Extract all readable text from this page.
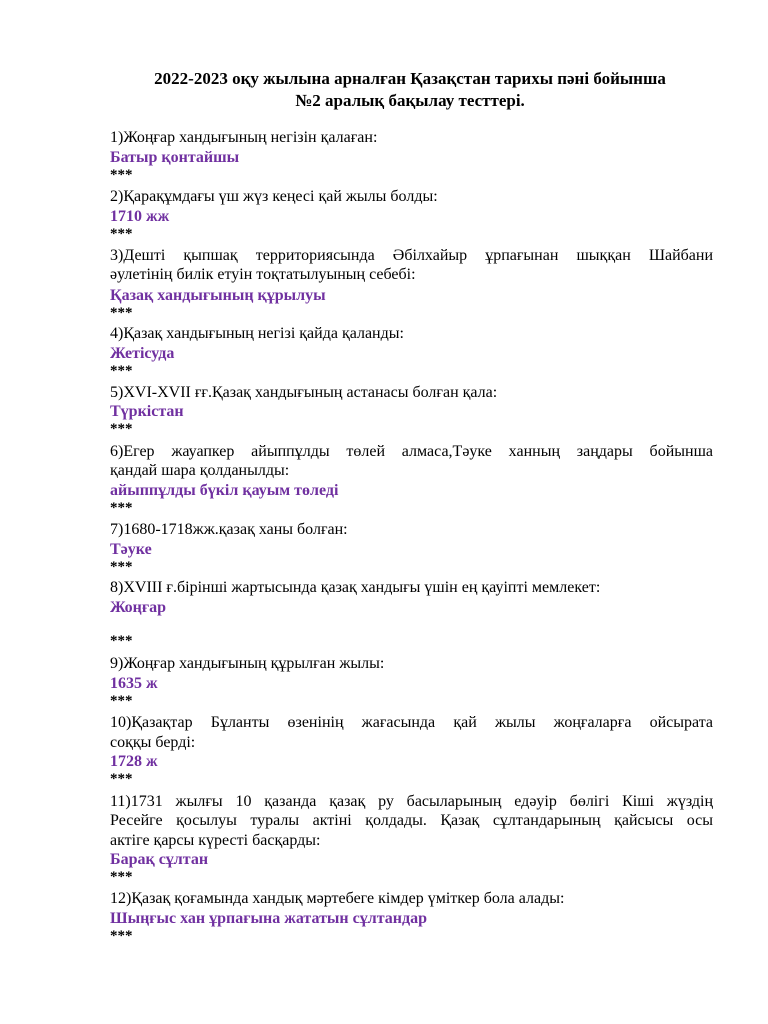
2022-2023 оқу жылына арналған Қазақстан тарихы пәні бойынша

№2 аралық бақылау тесттері.

1)Жоңғар хандығының негізін қалаған:

Батыр қонтайшы

***

2)Қарақұмдағы үш жүз кеңесі қай жылы болды:

1710 жж

***

3)Дешті қыпшақ территориясында Әбілхайыр ұрпағынан шыққан Шайбани

әулетінің билік етуін тоқтатылуының себебі:

Қазақ хандығының құрылуы

***

4)Қазақ хандығының негізі қайда қаланды:

Жетісуда

***

5)XVI-XVII ғғ.Қазақ хандығының астанасы болған қала:

Түркістан

***

6)Егер жауапкер айыппұлды төлей алмаса,Тәуке ханның заңдары бойынша

қандай шара қолданылды:

айыппұлды бүкіл қауым төледі

***

7)1680-1718жж.қазақ ханы болған:

Тәуке

***

8)XVIII ғ.бірінші жартысында қазақ хандығы үшін ең қауіпті мемлекет:

Жоңғар

***

9)Жоңғар хандығының құрылған жылы:

1635 ж

***

10)Қазақтар Бұланты өзенінің жағасында қай жылы жоңғаларға ойсырата

соққы берді:

1728 ж

***

11)1731 жылғы 10 қазанда қазақ ру басыларының едәуір бөлігі Кіші жүздің

Ресейге қосылуы туралы актіні қолдады. Қазақ сұлтандарының қайсысы осы

актіге қарсы күресті басқарды:

Барақ сұлтан

***

12)Қазақ қоғамында хандық мәртебеге кімдер үміткер бола алады:

Шыңғыс хан ұрпағына жататын сұлтандар

***
